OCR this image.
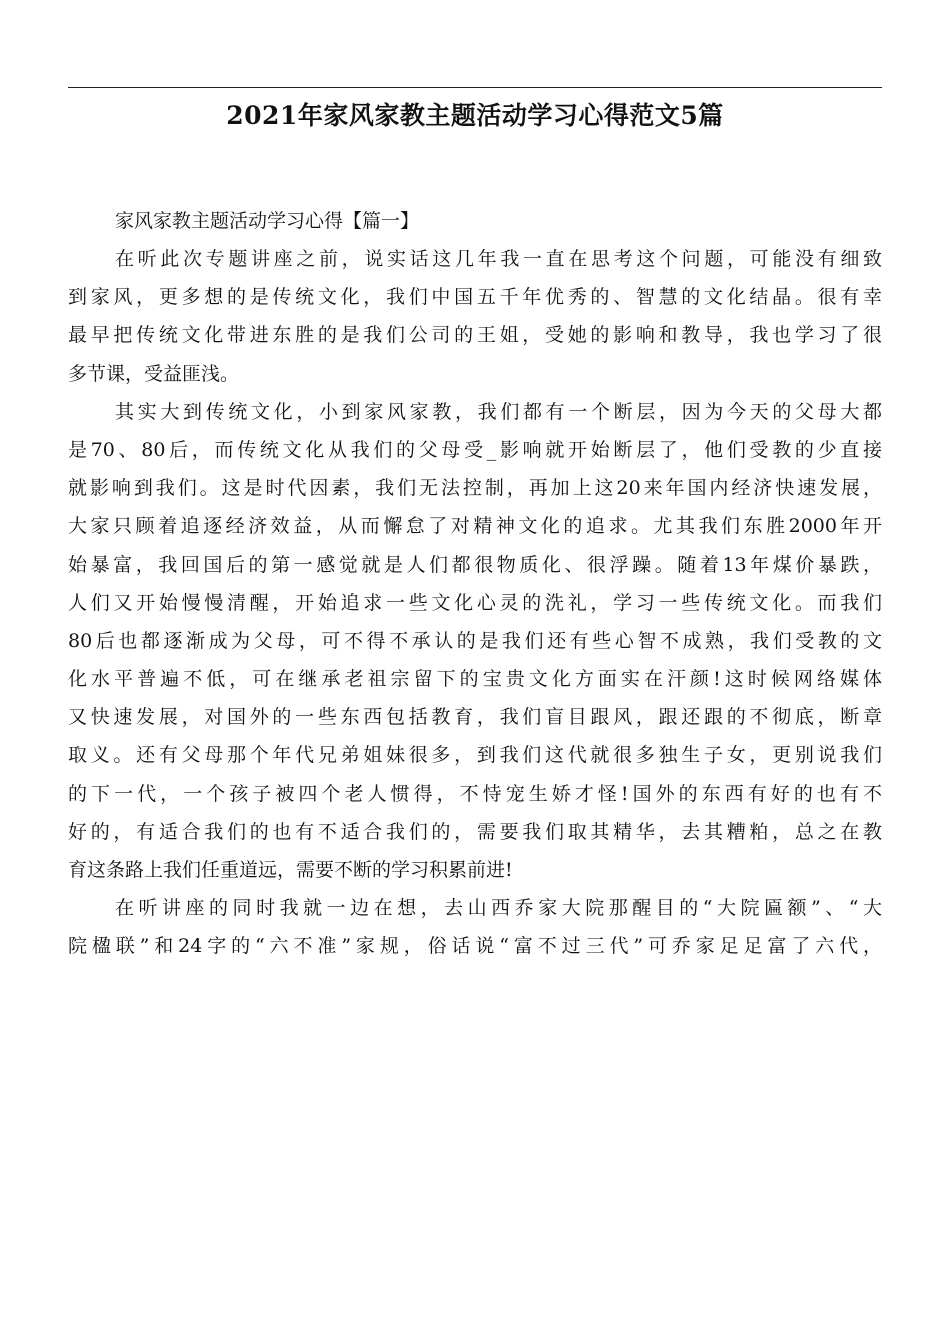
2021年家风家教主题活动学习心得范文5篇

家风家教主题活动学习心得【篇一】

在听此次专题讲座之前，说实话这几年我一直在思考这个问题，可能没有细致
到家风，更多想的是传统文化，我们中国五千年优秀的、智慧的文化结晶。很有幸
最早把传统文化带进东胜的是我们公司的王姐，受她的影响和教导，我也学习了很
多节课，受益匪浅。

其实大到传统文化，小到家风家教，我们都有一个断层，因为今天的父母大都
是70、80后，而传统文化从我们的父母受_影响就开始断层了，他们受教的少直接
就影响到我们。这是时代因素，我们无法控制，再加上这20来年国内经济快速发展，
大家只顾着追逐经济效益，从而懈怠了对精神文化的追求。尤其我们东胜2000年开
始暴富，我回国后的第一感觉就是人们都很物质化、很浮躁。随着13年煤价暴跌，
人们又开始慢慢清醒，开始追求一些文化心灵的洗礼，学习一些传统文化。而我们
80后也都逐渐成为父母，可不得不承认的是我们还有些心智不成熟，我们受教的文
化水平普遍不低，可在继承老祖宗留下的宝贵文化方面实在汗颜!这时候网络媒体
又快速发展，对国外的一些东西包括教育，我们盲目跟风，跟还跟的不彻底，断章
取义。还有父母那个年代兄弟姐妹很多，到我们这代就很多独生子女，更别说我们
的下一代，一个孩子被四个老人惯得，不恃宠生娇才怪!国外的东西有好的也有不
好的，有适合我们的也有不适合我们的，需要我们取其精华，去其糟粕，总之在教
育这条路上我们任重道远，需要不断的学习积累前进!

在听讲座的同时我就一边在想，去山西乔家大院那醒目的“大院匾额”、“大
院楹联”和24字的“六不准”家规，俗话说“富不过三代”可乔家足足富了六代，
